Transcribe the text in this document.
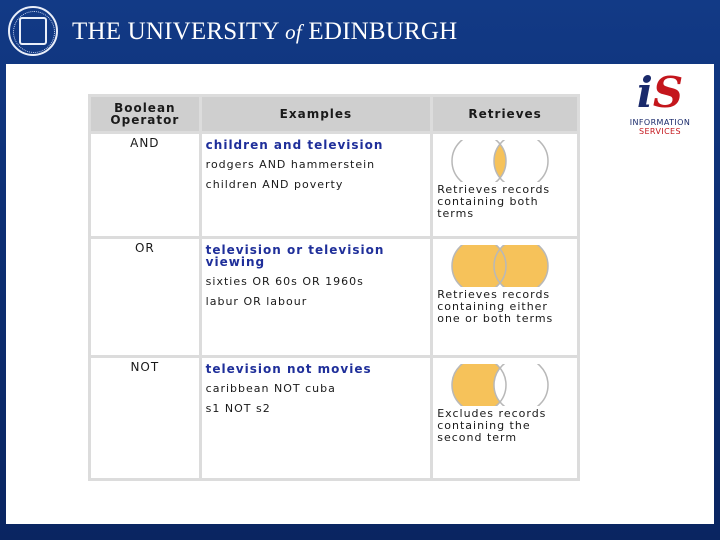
THE UNIVERSITY of EDINBURGH
iS
INFORMATION
SERVICES
Boolean Operator	Examples	Retrieves
AND	children and television
rodgers AND hammerstein
children AND poverty	Retrieves records containing both terms

OR	television or television viewing
sixties OR 60s OR 1960s
labur OR labour	Retrieves records containing either one or both terms

NOT	television not movies
caribbean NOT cuba
s1 NOT s2	Excludes records containing the second term
